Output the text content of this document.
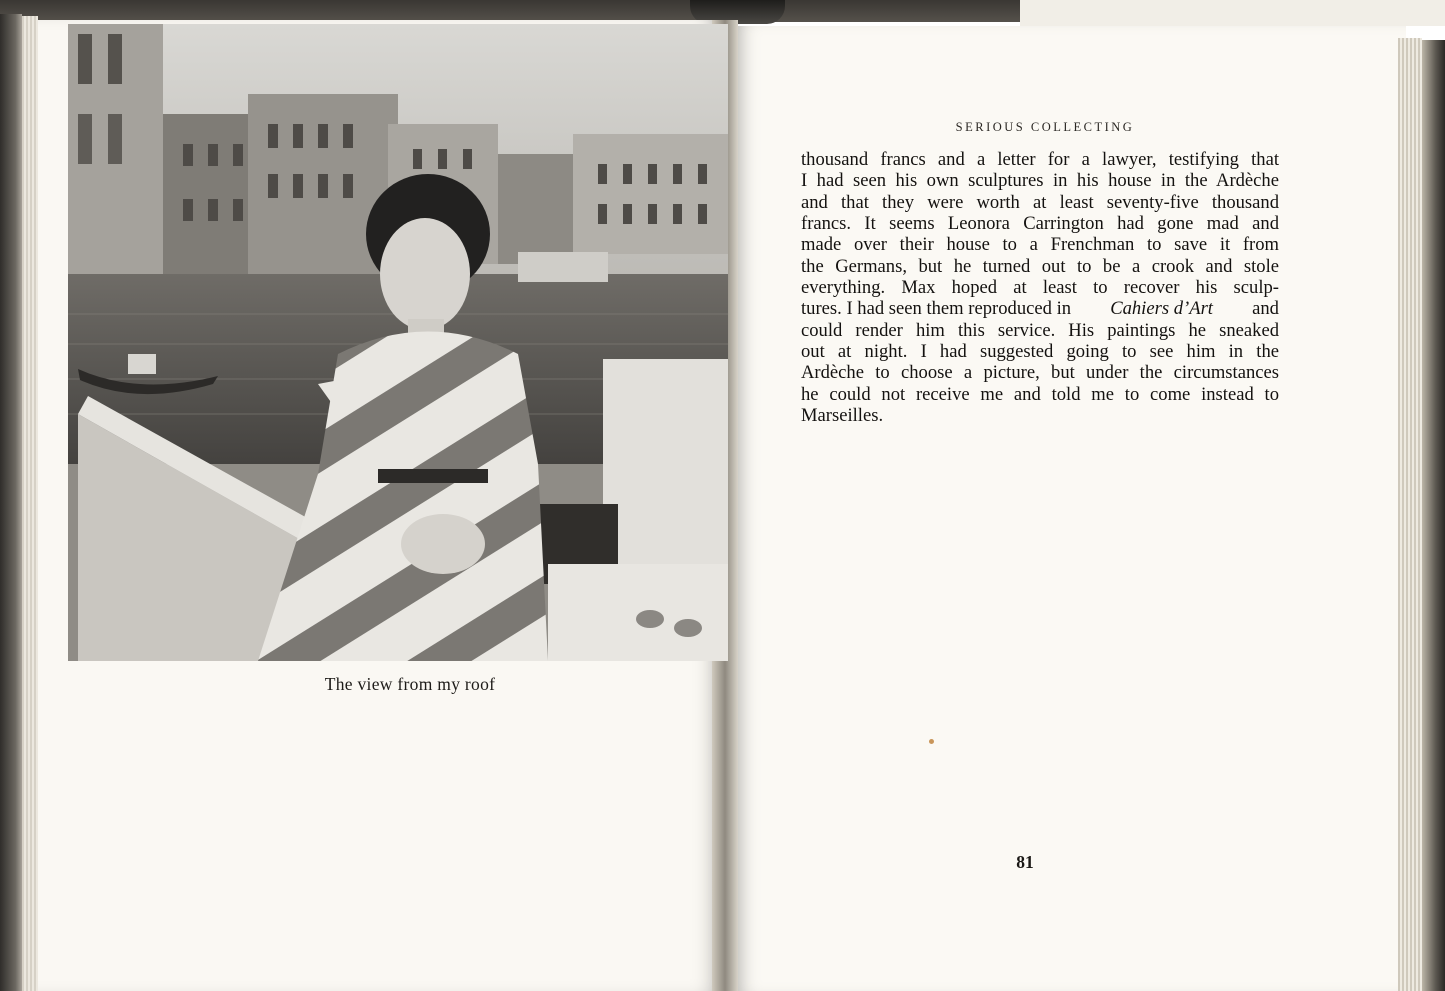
The view from my roof
SERIOUS COLLECTING

thousand francs and a letter for a lawyer, testifying that
I had seen his own sculptures in his house in the Ardèche
and that they were worth at least seventy-five thousand
francs. It seems Leonora Carrington had gone mad and
made over their house to a Frenchman to save it from
the Germans, but he turned out to be a crook and stole
everything. Max hoped at least to recover his sculp-
tures. I had seen them reproduced in Cahiers d’Art and
could render him this service. His paintings he sneaked
out at night. I had suggested going to see him in the
Ardèche to choose a picture, but under the circumstances
he could not receive me and told me to come instead to
Marseilles.

81
